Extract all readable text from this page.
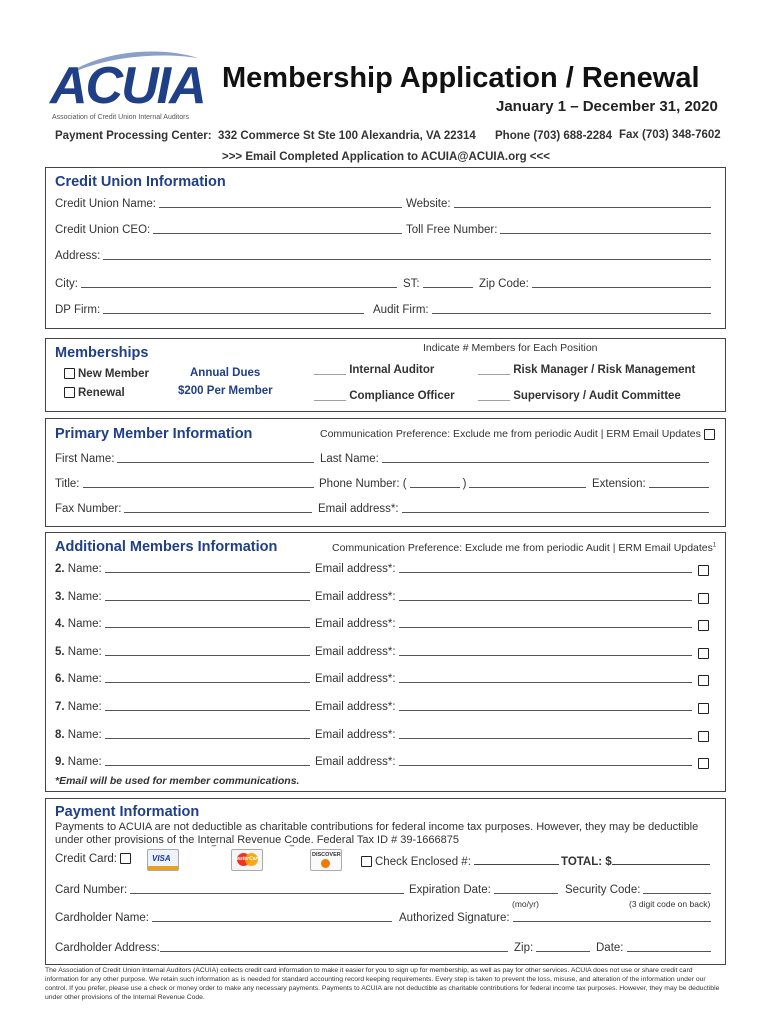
ACUIA
Association of Credit Union Internal Auditors
Membership Application / Renewal
January 1 – December 31, 2020
Payment Processing Center: 332 Commerce St Ste 100 Alexandria, VA 22314 Phone (703) 688-2284 Fax (703) 348-7602
>>> Email Completed Application to ACUIA@ACUIA.org <<<
Credit Union Information
Credit Union Name:	Website:
Credit Union CEO:	Toll Free Number:
Address:
City:	ST:	Zip Code:
DP Firm:	Audit Firm:
Memberships	Indicate # Members for Each Position
New Member
Renewal
Annual Dues
$200 Per Member
_____ Internal Auditor	_____ Risk Manager / Risk Management
_____ Compliance Officer _____ Supervisory / Audit Committee
Primary Member Information	Communication Preference: Exclude me from periodic Audit | ERM Email Updates
First Name:	Last Name:
Title:	Phone Number: (	)	Extension:
Fax Number:	Email address*:
Additional Members Information	Communication Preference: Exclude me from periodic Audit | ERM Email Updates$^1$
2.
Name:	Email address*:
3.
Name:	Email address*:
4.
Name:	Email address*:
5.
Name:	Email address*:
6.
Name:	Email address*:
7.
Name:	Email address*:
8.
Name:	Email address*:
9.
Name:	Email address*:
*Email will be used for member communications.
Payment Information
Payments to ACUIA are not deductible as charitable contributions for federal income tax purposes. However, they may be deductible under other provisions of the Internal Revenue Code. Federal Tax ID # 39-1666875
Credit Card:	VISA
‾
MasterCard
‾	DISCOVER
Check Enclosed #:	TOTAL: $
Card Number:	Expiration Date:	Security Code:
(mo/yr)	(3 digit code on back)
Cardholder Name:	Authorized Signature:
Cardholder Address:	Zip:	Date:
The Association of Credit Union Internal Auditors (ACUIA) collects credit card information to make it easier for you to sign up for membership, as well as pay for other services. ACUIA does not use or share credit card information for any other purpose. We retain such information as is needed for standard accounting record keeping requirements. Every step is taken to prevent the loss, misuse, and alteration of the information under our control. If you prefer, please use a check or money order to make any necessary payments. Payments to ACUIA are not deductible as charitable contributions for federal income tax purposes. However, they may be deductible under other provisions of the Internal Revenue Code.
